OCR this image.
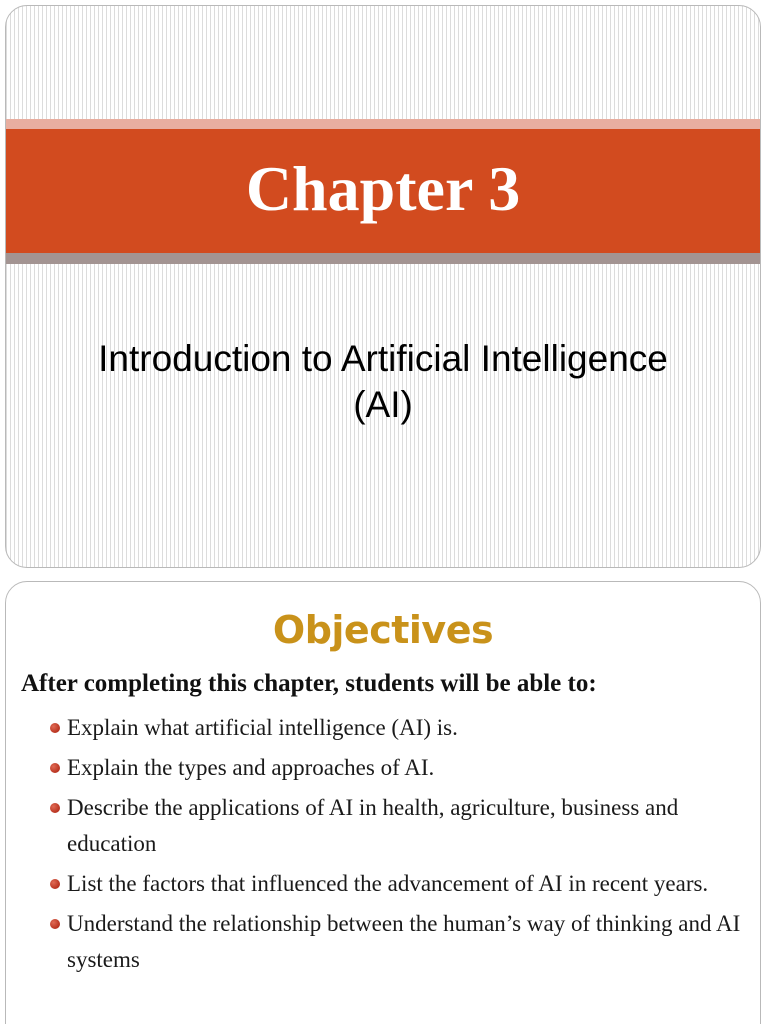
Chapter 3
Introduction to Artificial Intelligence
(AI)
Objectives
After completing this chapter, students will be able to:
Explain what artificial intelligence (AI) is.
Explain the types and approaches of AI.
Describe the applications of AI in health, agriculture, business and education
List the factors that influenced the advancement of AI in recent years.
Understand the relationship between the human’s way of thinking and AI systems
